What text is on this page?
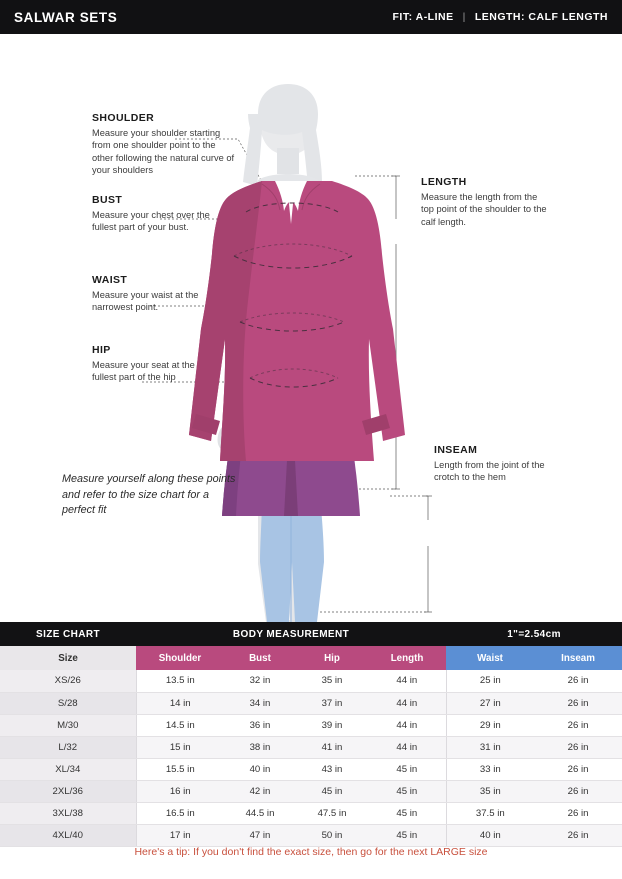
SALWAR SETS	FIT: A-LINE | LENGTH: CALF LENGTH
SHOULDER
Measure your shoulder starting from one shoulder point to the other following the natural curve of your shoulders
BUST
Measure your chest over the fullest part of your bust.
WAIST
Measure your waist at the narrowest point.
HIP
Measure your seat at the fullest part of the hip
LENGTH
Measure the length from the top point of the shoulder to the calf length.
INSEAM
Length from the joint of the crotch to the hem
Measure yourself along these points and refer to the size chart for a perfect fit
SIZE CHART	BODY MEASUREMENT				1"=2.54cm	
Size	Shoulder	Bust	Hip	Length	Waist	Inseam
XS/26	13.5 in	32 in	35 in	44 in	25 in	26 in
S/28	14 in	34 in	37 in	44 in	27 in	26 in
M/30	14.5 in	36 in	39 in	44 in	29 in	26 in
L/32	15 in	38 in	41 in	44 in	31 in	26 in
XL/34	15.5 in	40 in	43 in	45 in	33 in	26 in
2XL/36	16 in	42 in	45 in	45 in	35 in	26 in
3XL/38	16.5 in	44.5 in	47.5 in	45 in	37.5 in	26 in
4XL/40	17 in	47 in	50 in	45 in	40 in	26 in
Here's a tip: If you don't find the exact size, then go for the next LARGE size
